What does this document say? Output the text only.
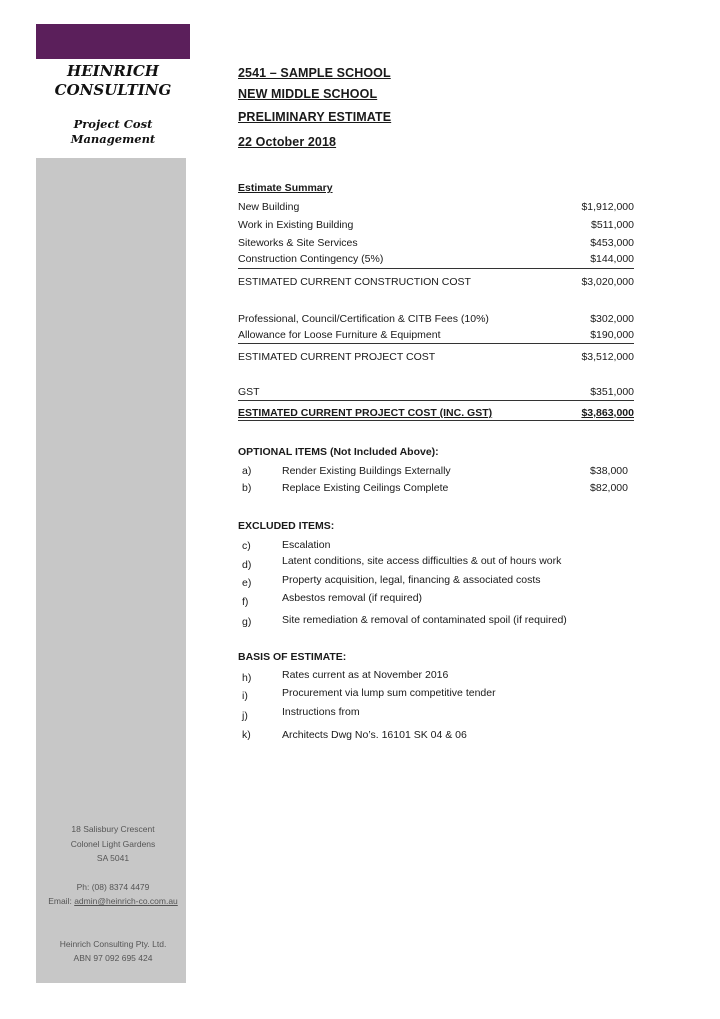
HEINRICH
CONSULTING
Project Cost
Management
18 Salisbury Crescent
Colonel Light Gardens
SA 5041
Ph: (08) 8374 4479
Email: admin@heinrich-co.com.au
Heinrich Consulting Pty. Ltd.
ABN 97 092 695 424
2541 – SAMPLE SCHOOL
NEW MIDDLE SCHOOL
PRELIMINARY ESTIMATE
22 October 2018
Estimate Summary
New Building	$1,912,000
Work in Existing Building	$511,000
Siteworks & Site Services	$453,000
Construction Contingency (5%)	$144,000
ESTIMATED CURRENT CONSTRUCTION COST	$3,020,000
Professional, Council/Certification & CITB Fees (10%)	$302,000
Allowance for Loose Furniture & Equipment	$190,000
ESTIMATED CURRENT PROJECT COST	$3,512,000
GST	$351,000
ESTIMATED CURRENT PROJECT COST (INC. GST)	$3,863,000
OPTIONAL ITEMS (Not Included Above):
a)	Render Existing Buildings Externally	$38,000
b)	Replace Existing Ceilings Complete	$82,000
EXCLUDED ITEMS:
c)	Escalation
d)	Latent conditions, site access difficulties & out of hours work
e)	Property acquisition, legal, financing & associated costs
f)	Asbestos removal (if required)
g)	Site remediation & removal of contaminated spoil (if required)
BASIS OF ESTIMATE:
h)	Rates current as at November 2016
i)	Procurement via lump sum competitive tender
j)	Instructions from
k)	Architects Dwg No’s. 16101 SK 04 & 06
